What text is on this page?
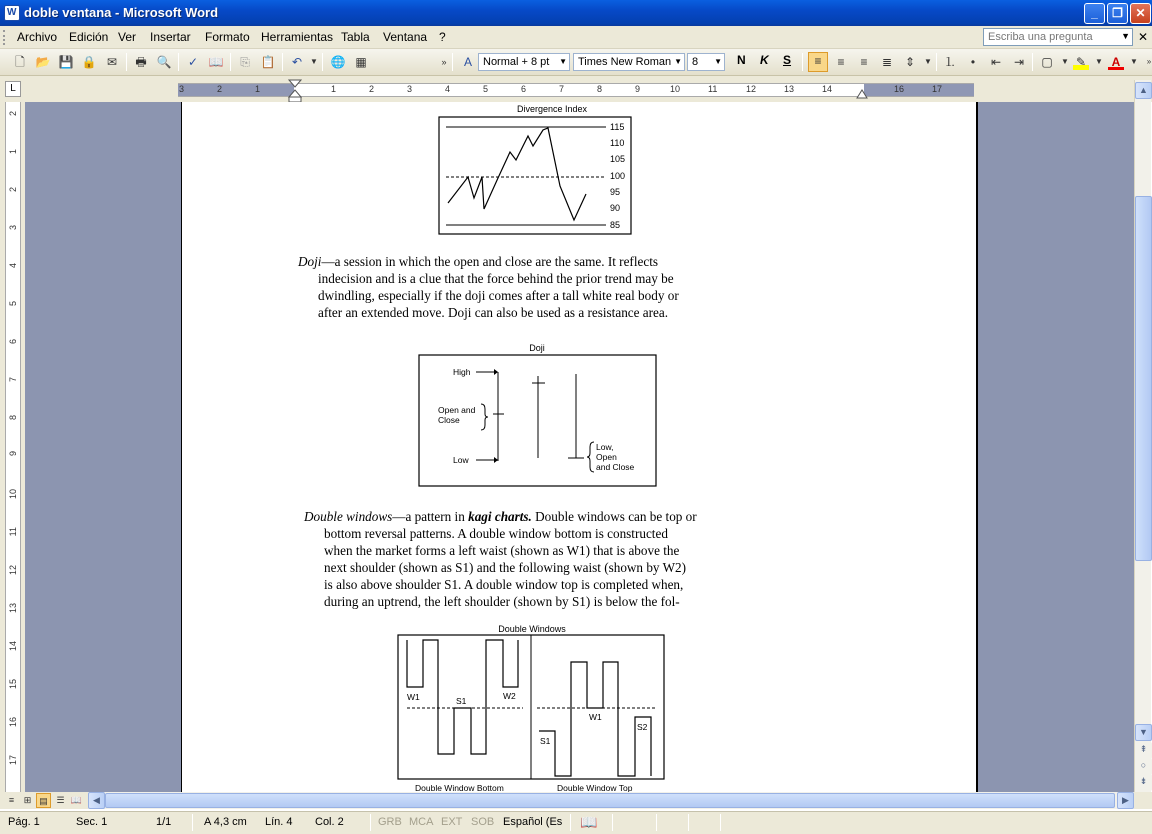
W doble ventana - Microsoft Word	_	❐	✕
Archivo Edición Ver Insertar Formato Herramientas Tabla Ventana ?	Escriba una pregunta	▼ ✕
🗋 📂 💾 🔒 ✉ 🖶 🔍 ✓ 📖 ⎘ 📋 ↶	▼	🌐 ▦	»	A	Normal + 8 pt ▼	Times New Roman ▼ 8 ▼ N K S	≡	≡	≡	≣ ⇕	▼	⒈	•	⇤ ⇥ ▢	▼ ✎	▼ A	▼	»
L	3	2	1	1	2	3	4	5	6	7	8	9	10	11	12	13	14	16	17
2
1
2
3
4
5
6
7
8
9
10
11
12
13
14
15
16
17
Divergence Index
115
110
105
100
95
90
85
Doji—a session in which the open and close are the same. It reflects
indecision and is a clue that the force behind the prior trend may be
dwindling, especially if the doji comes after a tall white real body or
after an extended move. Doji can also be used as a resistance area.
Doji
High
Open and
Close
Low
Low,
Open
and Close
Double windows—a pattern in kagi charts. Double windows can be top or
bottom reversal patterns. A double window bottom is constructed
when the market forms a left waist (shown as W1) that is above the
next shoulder (shown as S1) and the following waist (shown by W2)
is also above shoulder S1. A double window top is completed when,
during an uptrend, the left shoulder (shown by S1) is below the fol-
Double Windows
W1	W2
S1
W1
S1
S2
Double Window Bottom	Double Window Top
▲
▼
⇞
○
⇟
≡	⊞ ▤ ☰ 📖	◀	▶
Pág. 1	Sec. 1	1/1	A 4,3 cm Lín. 4 Col. 2	GRB MCA EXT SOB Español (Es 📖
